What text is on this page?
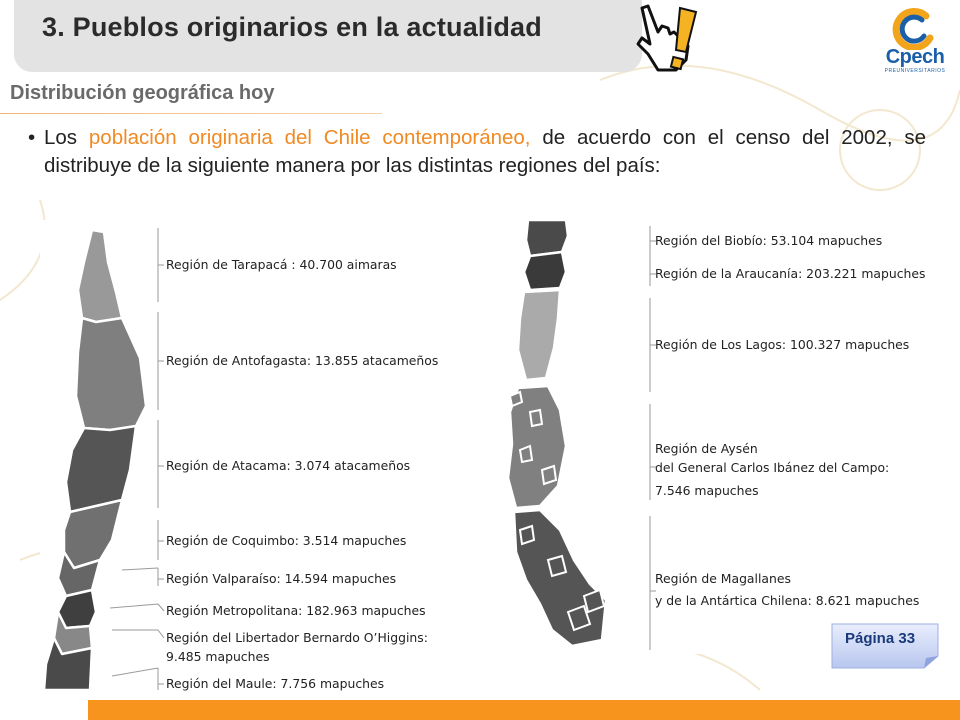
3. Pueblos originarios en la actualidad
Cpech
PREUNIVERSITARIOS
Distribución geográfica hoy
• Los población originaria del Chile contemporáneo, de acuerdo con el censo del 2002, se distribuye de la siguiente manera por las distintas regiones del país:
Región de Tarapacá : 40.700 aimaras
Región de Antofagasta: 13.855 atacameños
Región de Atacama: 3.074 atacameños
Región de Coquimbo: 3.514 mapuches
Región Valparaíso: 14.594 mapuches
Región Metropolitana: 182.963 mapuches
Región del Libertador Bernardo O’Higgins:
9.485 mapuches
Región del Maule: 7.756 mapuches
Región del Biobío: 53.104 mapuches
Región de la Araucanía: 203.221 mapuches
Región de Los Lagos: 100.327 mapuches
Región de Aysén
del General Carlos Ibánez del Campo:
7.546 mapuches
Región de Magallanes
y de la Antártica Chilena: 8.621 mapuches
Página 33
